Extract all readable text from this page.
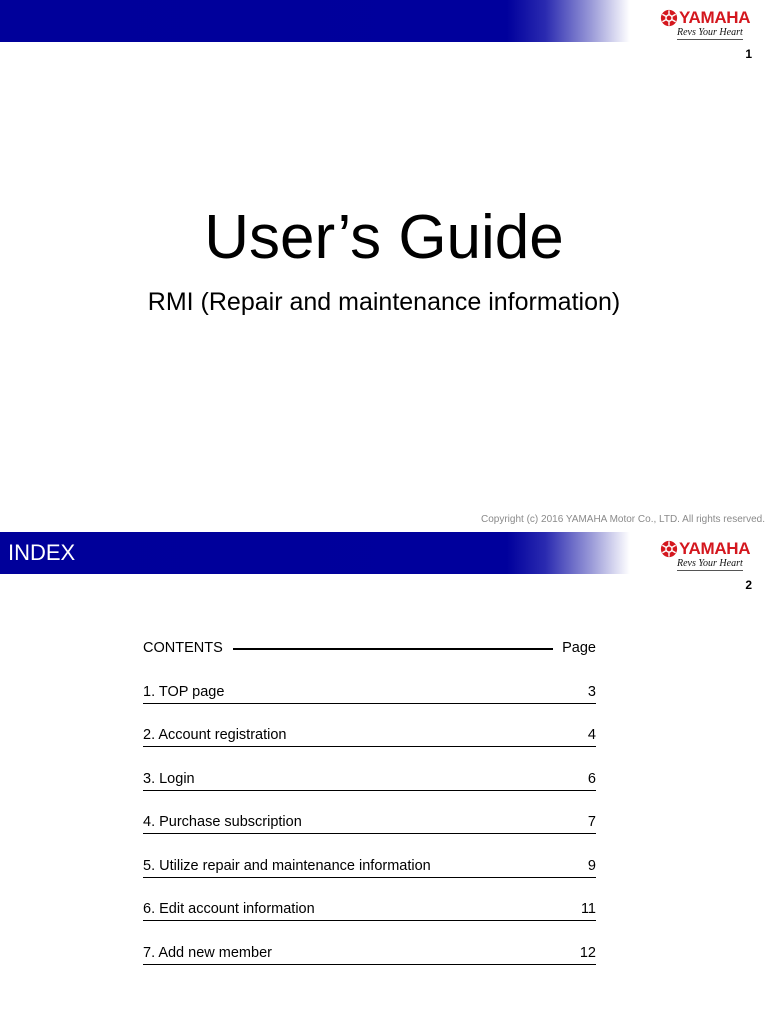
YAMAHA
Revs Your Heart
1
User’s Guide
RMI (Repair and maintenance information)
Copyright (c) 2016 YAMAHA Motor Co., LTD. All rights reserved.
INDEX	YAMAHA
Revs Your Heart
2
CONTENTS	Page
1. TOP page	3
2. Account registration	4
3. Login	6
4. Purchase subscription	7
5. Utilize repair and maintenance information	9
6. Edit account information	11
7. Add new member	12
